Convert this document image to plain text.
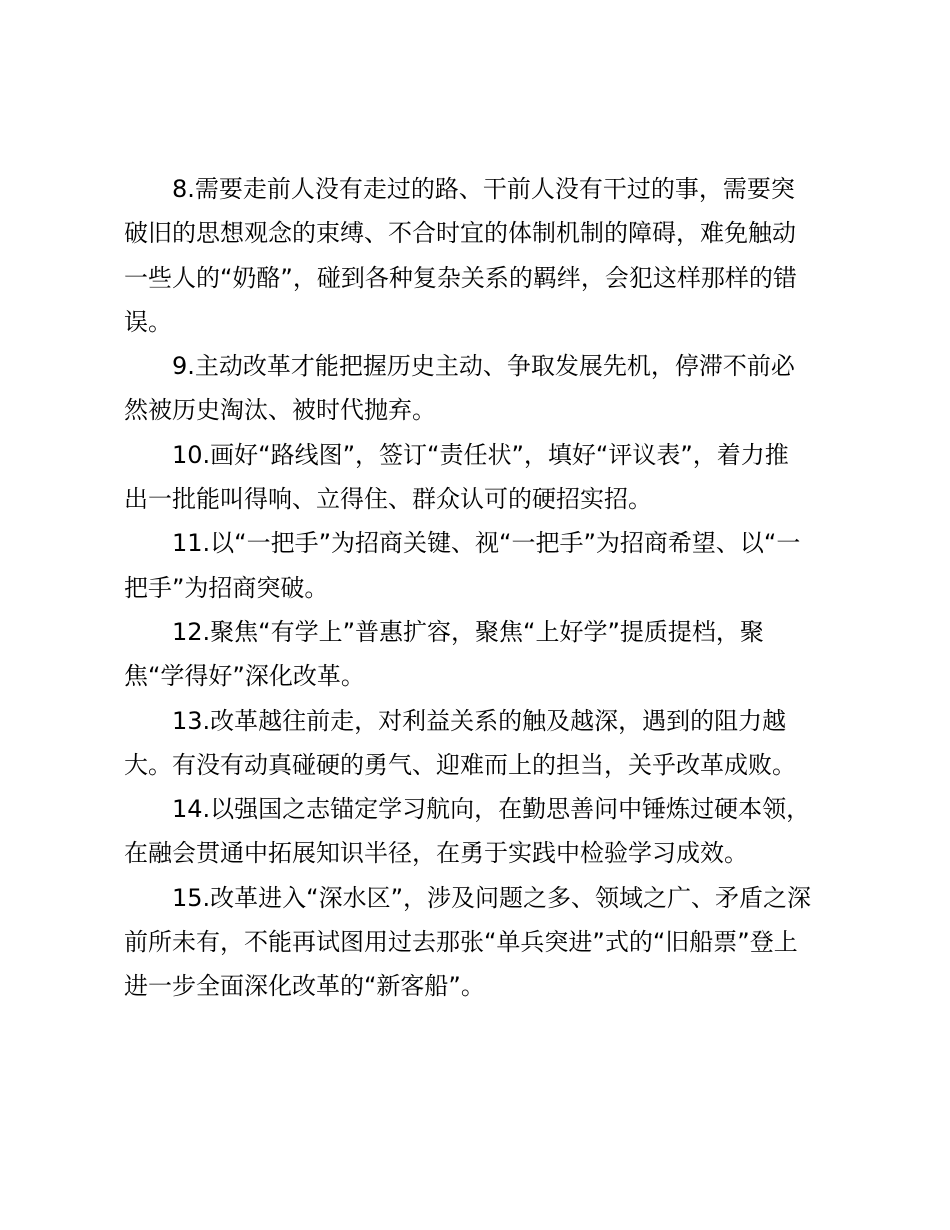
8.需要走前人没有走过的路、干前人没有干过的事，需要突
破旧的思想观念的束缚、不合时宜的体制机制的障碍，难免触动
一些人的“奶酪”，碰到各种复杂关系的羁绊，会犯这样那样的错
误。

9.主动改革才能把握历史主动、争取发展先机，停滞不前必
然被历史淘汰、被时代抛弃。

10.画好“路线图”，签订“责任状”，填好“评议表”，着力推
出一批能叫得响、立得住、群众认可的硬招实招。

11.以“一把手”为招商关键、视“一把手”为招商希望、以“一
把手”为招商突破。

12.聚焦“有学上”普惠扩容，聚焦“上好学”提质提档，聚
焦“学得好”深化改革。

13.改革越往前走，对利益关系的触及越深，遇到的阻力越
大。有没有动真碰硬的勇气、迎难而上的担当，关乎改革成败。

14.以强国之志锚定学习航向，在勤思善问中锤炼过硬本领，
在融会贯通中拓展知识半径，在勇于实践中检验学习成效。

15.改革进入“深水区”，涉及问题之多、领域之广、矛盾之深
前所未有，不能再试图用过去那张“单兵突进”式的“旧船票”登上
进一步全面深化改革的“新客船”。
